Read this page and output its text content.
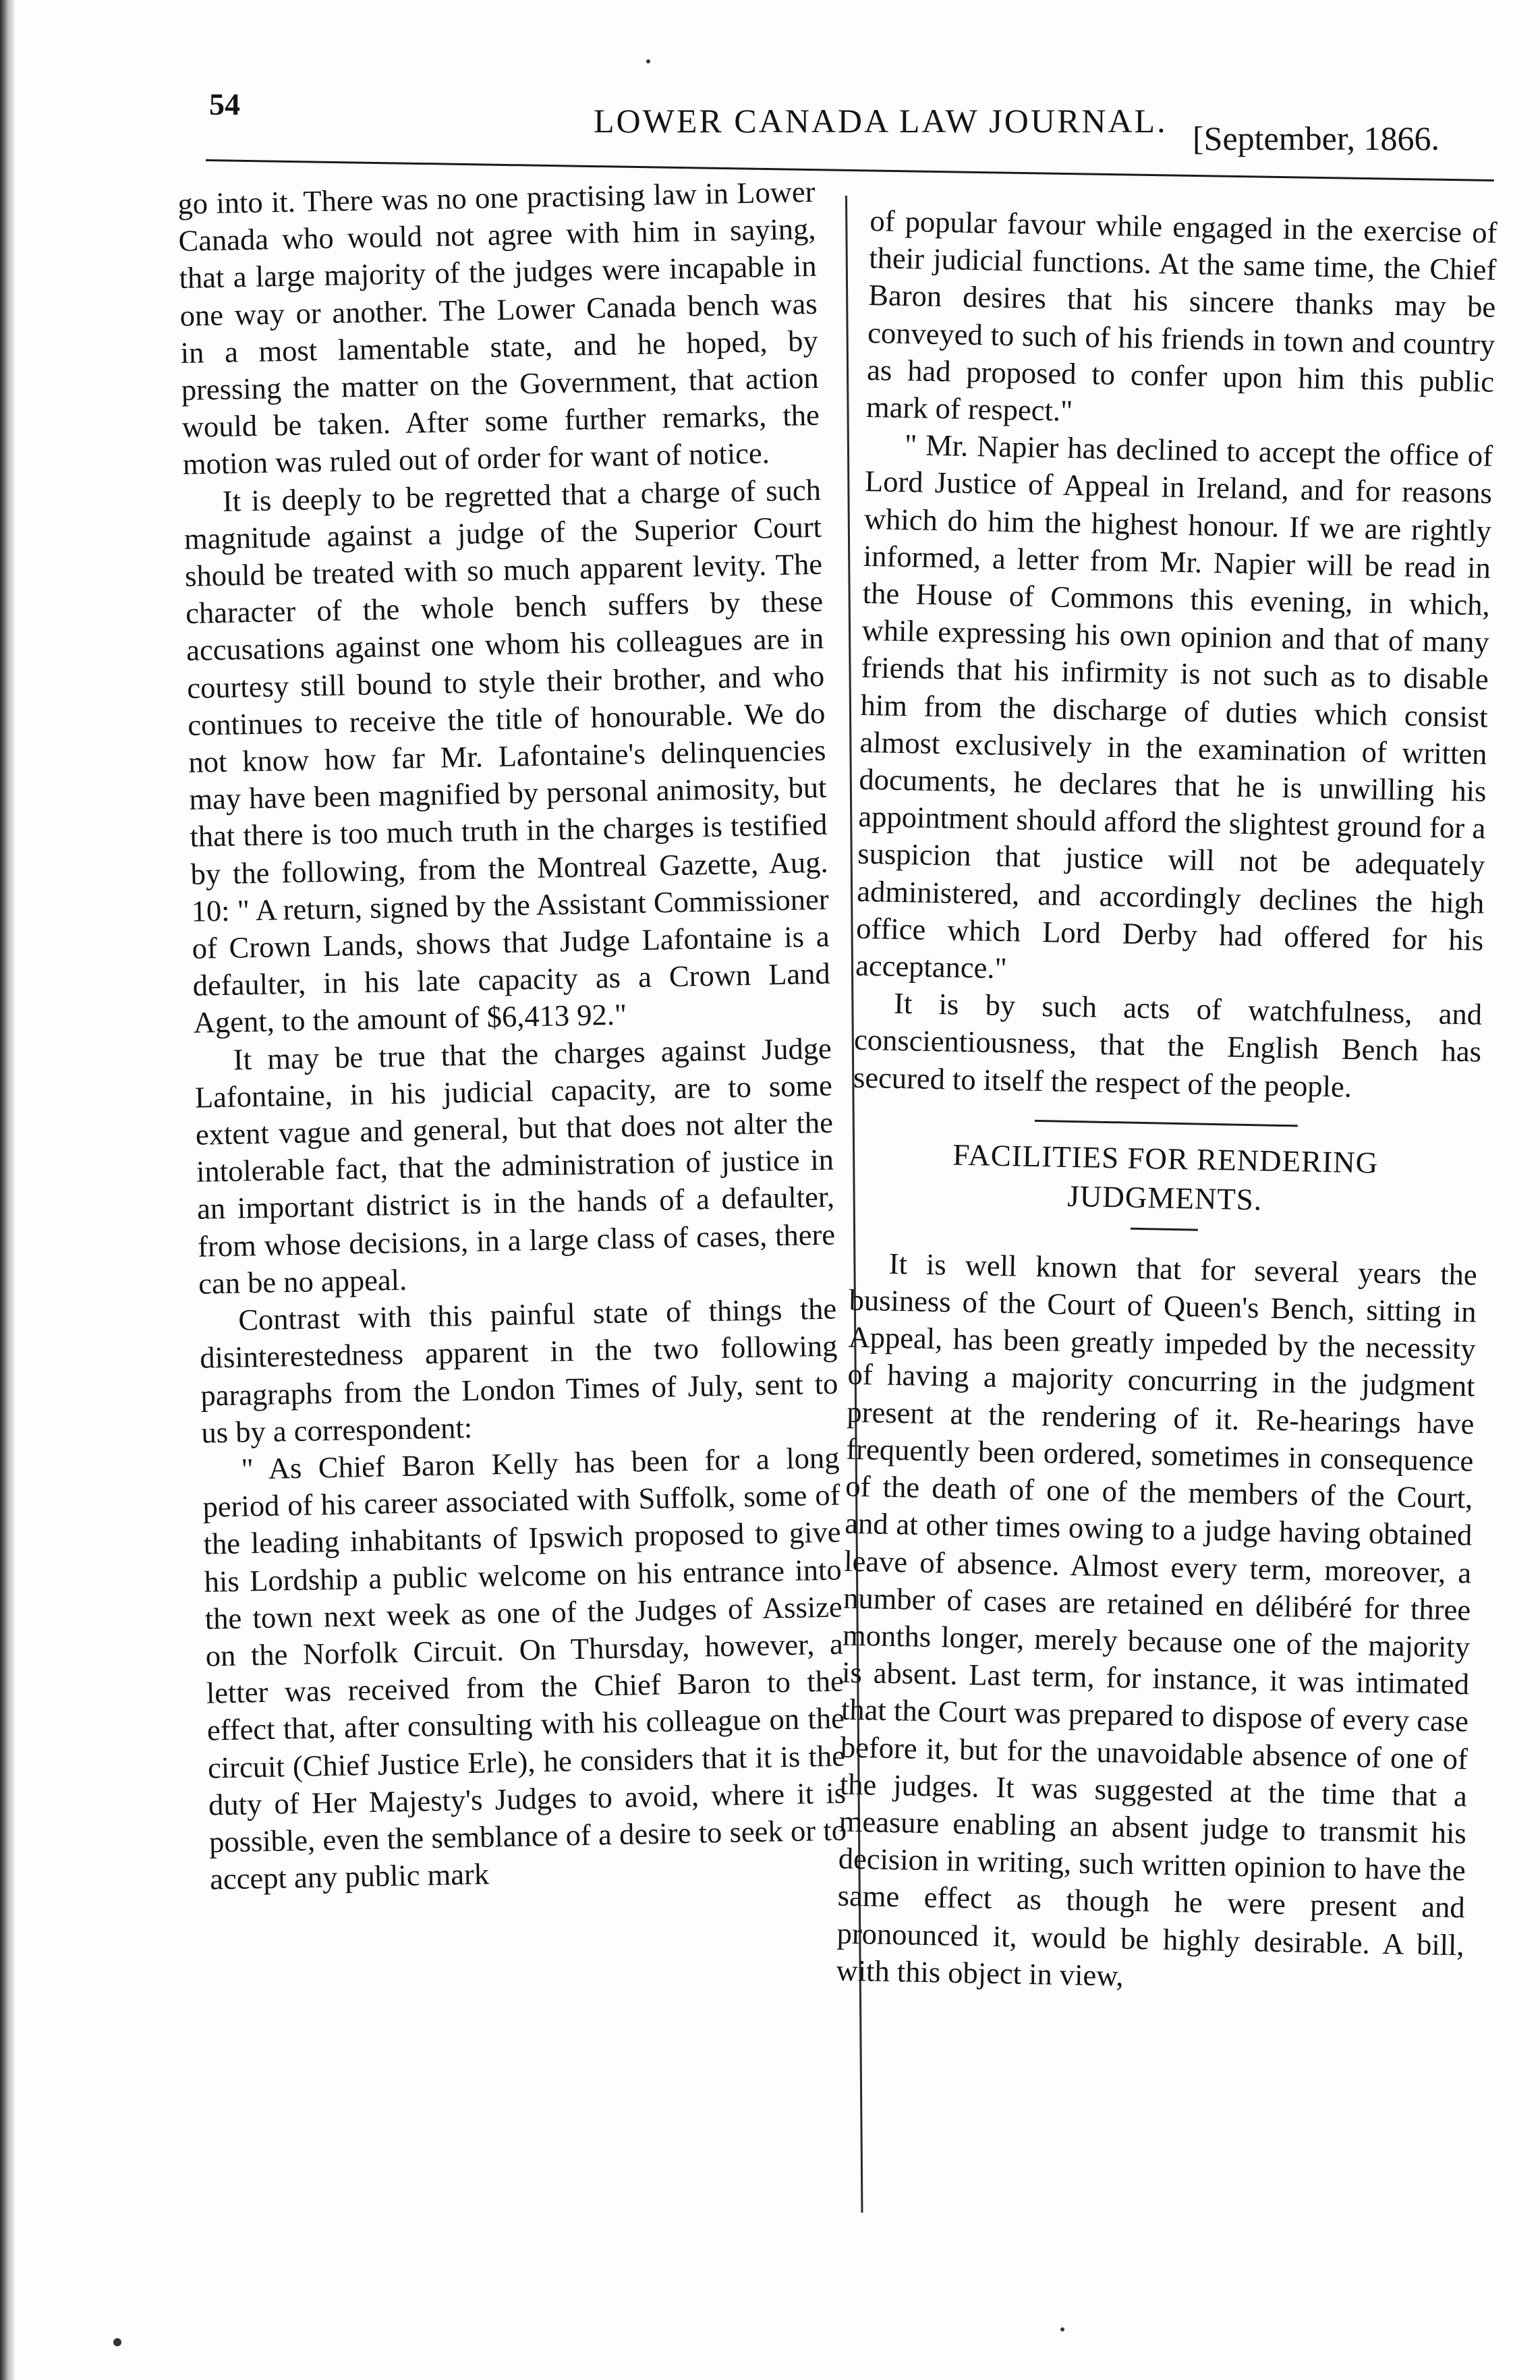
54	LOWER CANADA LAW JOURNAL. [September, 1866.

go into it. There was no one practising law in Lower Canada who would not agree with him in saying, that a large majority of the judges were incapable in one way or another. The Lower Canada bench was in a most lamentable state, and he hoped, by pressing the matter on the Government, that action would be taken. After some further remarks, the motion was ruled out of order for want of notice.

It is deeply to be regretted that a charge of such magnitude against a judge of the Superior Court should be treated with so much apparent levity. The character of the whole bench suffers by these accusations against one whom his colleagues are in courtesy still bound to style their brother, and who continues to receive the title of honourable. We do not know how far Mr. Lafontaine's delinquencies may have been magnified by personal animosity, but that there is too much truth in the charges is testified by the following, from the Montreal Gazette, Aug. 10: " A return, signed by the Assistant Commissioner of Crown Lands, shows that Judge Lafontaine is a defaulter, in his late capacity as a Crown Land Agent, to the amount of $6,413 92."

It may be true that the charges against Judge Lafontaine, in his judicial capacity, are to some extent vague and general, but that does not alter the intolerable fact, that the administration of justice in an important district is in the hands of a defaulter, from whose decisions, in a large class of cases, there can be no appeal.

Contrast with this painful state of things the disinterestedness apparent in the two following paragraphs from the London Times of July, sent to us by a correspondent:

" As Chief Baron Kelly has been for a long period of his career associated with Suffolk, some of the leading inhabitants of Ipswich proposed to give his Lordship a public welcome on his entrance into the town next week as one of the Judges of Assize on the Norfolk Circuit. On Thursday, however, a letter was received from the Chief Baron to the effect that, after consulting with his colleague on the circuit (Chief Justice Erle), he considers that it is the duty of Her Majesty's Judges to avoid, where it is possible, even the semblance of a desire to seek or to accept any public mark

of popular favour while engaged in the exercise of their judicial functions. At the same time, the Chief Baron desires that his sincere thanks may be conveyed to such of his friends in town and country as had proposed to confer upon him this public mark of respect."

" Mr. Napier has declined to accept the office of Lord Justice of Appeal in Ireland, and for reasons which do him the highest honour. If we are rightly informed, a letter from Mr. Napier will be read in the House of Commons this evening, in which, while expressing his own opinion and that of many friends that his infirmity is not such as to disable him from the discharge of duties which consist almost exclusively in the examination of written documents, he declares that he is unwilling his appointment should afford the slightest ground for a suspicion that justice will not be adequately administered, and accordingly declines the high office which Lord Derby had offered for his acceptance."

It is by such acts of watchfulness, and conscientiousness, that the English Bench has secured to itself the respect of the people.

FACILITIES FOR RENDERING
JUDGMENTS.

It is well known that for several years the business of the Court of Queen's Bench, sitting in Appeal, has been greatly impeded by the necessity of having a majority concurring in the judgment present at the rendering of it. Re-hearings have frequently been ordered, sometimes in consequence of the death of one of the members of the Court, and at other times owing to a judge having obtained leave of absence. Almost every term, moreover, a number of cases are retained en délibéré for three months longer, merely because one of the majority is absent. Last term, for instance, it was intimated that the Court was prepared to dispose of every case before it, but for the unavoidable absence of one of the judges. It was suggested at the time that a measure enabling an absent judge to transmit his decision in writing, such written opinion to have the same effect as though he were present and pronounced it, would be highly desirable. A bill, with this object in view,
